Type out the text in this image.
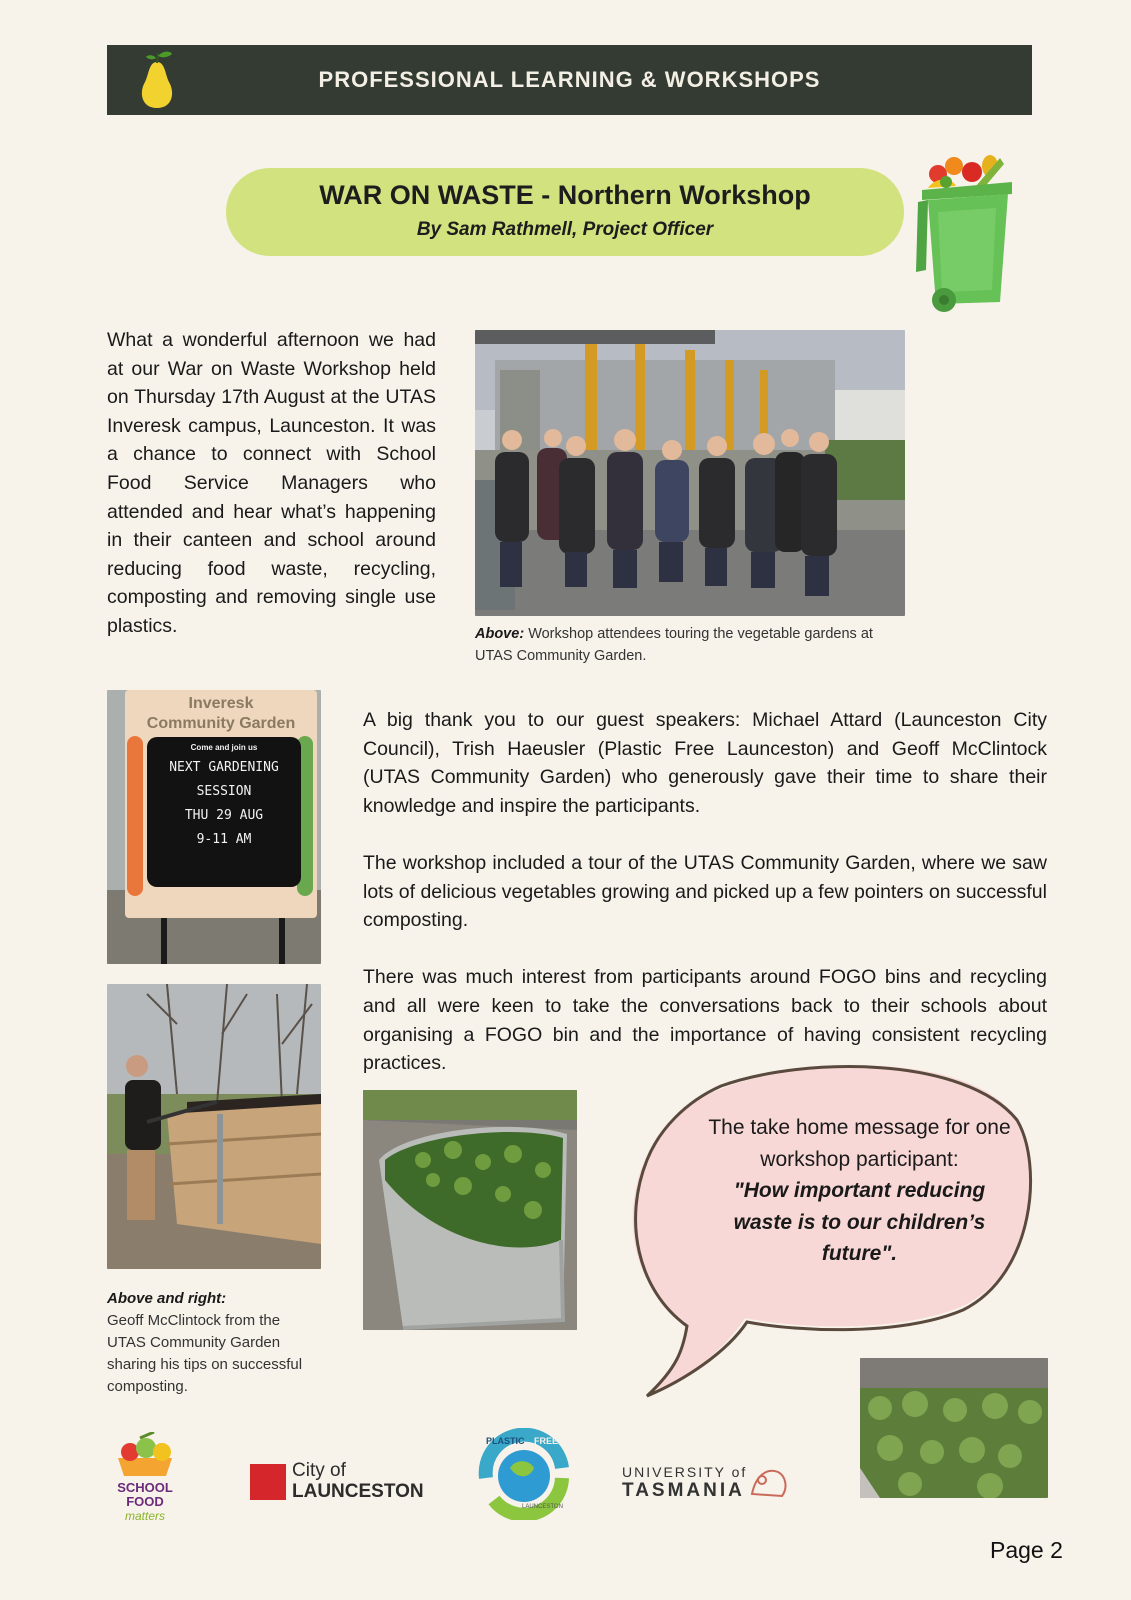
PROFESSIONAL LEARNING & WORKSHOPS
WAR ON WASTE - Northern Workshop
By Sam Rathmell, Project Officer
What a wonderful afternoon we had at our War on Waste Workshop held on Thursday 17th August at the UTAS Inveresk campus, Launceston. It was a chance to connect with School Food Service Managers who attended and hear what’s happening in their canteen and school around reducing food waste, recycling, composting and removing single use plastics.	Above: Workshop attendees touring the vegetable gardens at UTAS Community Garden.
Inveresk
Community Garden
Come and join us
NEXT GARDENING
SESSION
THU 29 AUG
9-11 AM
Above and right:
Geoff McClintock from the UTAS Community Garden sharing his tips on successful composting.

A big thank you to our guest speakers: Michael Attard (Launceston City Council), Trish Haeusler (Plastic Free Launceston) and Geoff McClintock (UTAS Community Garden) who generously gave their time to share their knowledge and inspire the participants.

The workshop included a tour of the UTAS Community Garden, where we saw lots of delicious vegetables growing and picked up a few pointers on successful composting.

There was much interest from participants around FOGO bins and recycling and all were keen to take the conversations back to their schools about organising a FOGO bin and the importance of having consistent recycling practices.

The take home message for one workshop participant:
"How important reducing waste is to our children’s future".
SCHOOL
FOOD
matters
City of
LAUNCESTON
PLASTIC FREE
LAUNCESTON
UNIVERSITY of
TASMANIA
Page 2
